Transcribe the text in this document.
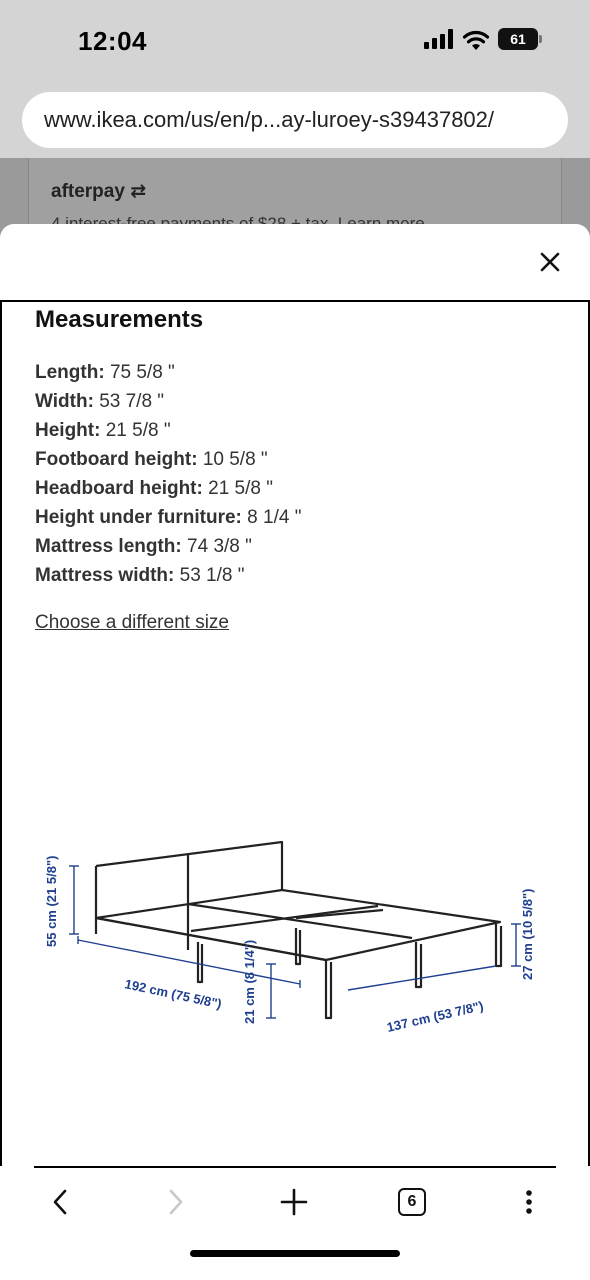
12:04	61
www.ikea.com/us/en/p...ay-luroey-s39437802/
afterpay ⇄
Measurements
Length: 75 5/8 "
Width: 53 7/8 "
Height: 21 5/8 "
Footboard height: 10 5/8 "
Headboard height: 21 5/8 "
Height under furniture: 8 1/4 "
Mattress length: 74 3/8 "
Mattress width: 53 1/8 "
Choose a different size
55 cm (21 5/8")
192 cm (75 5/8") 21 cm (8 1/4")	137 cm (53 7/8")
27 cm (10 5/8")
6
